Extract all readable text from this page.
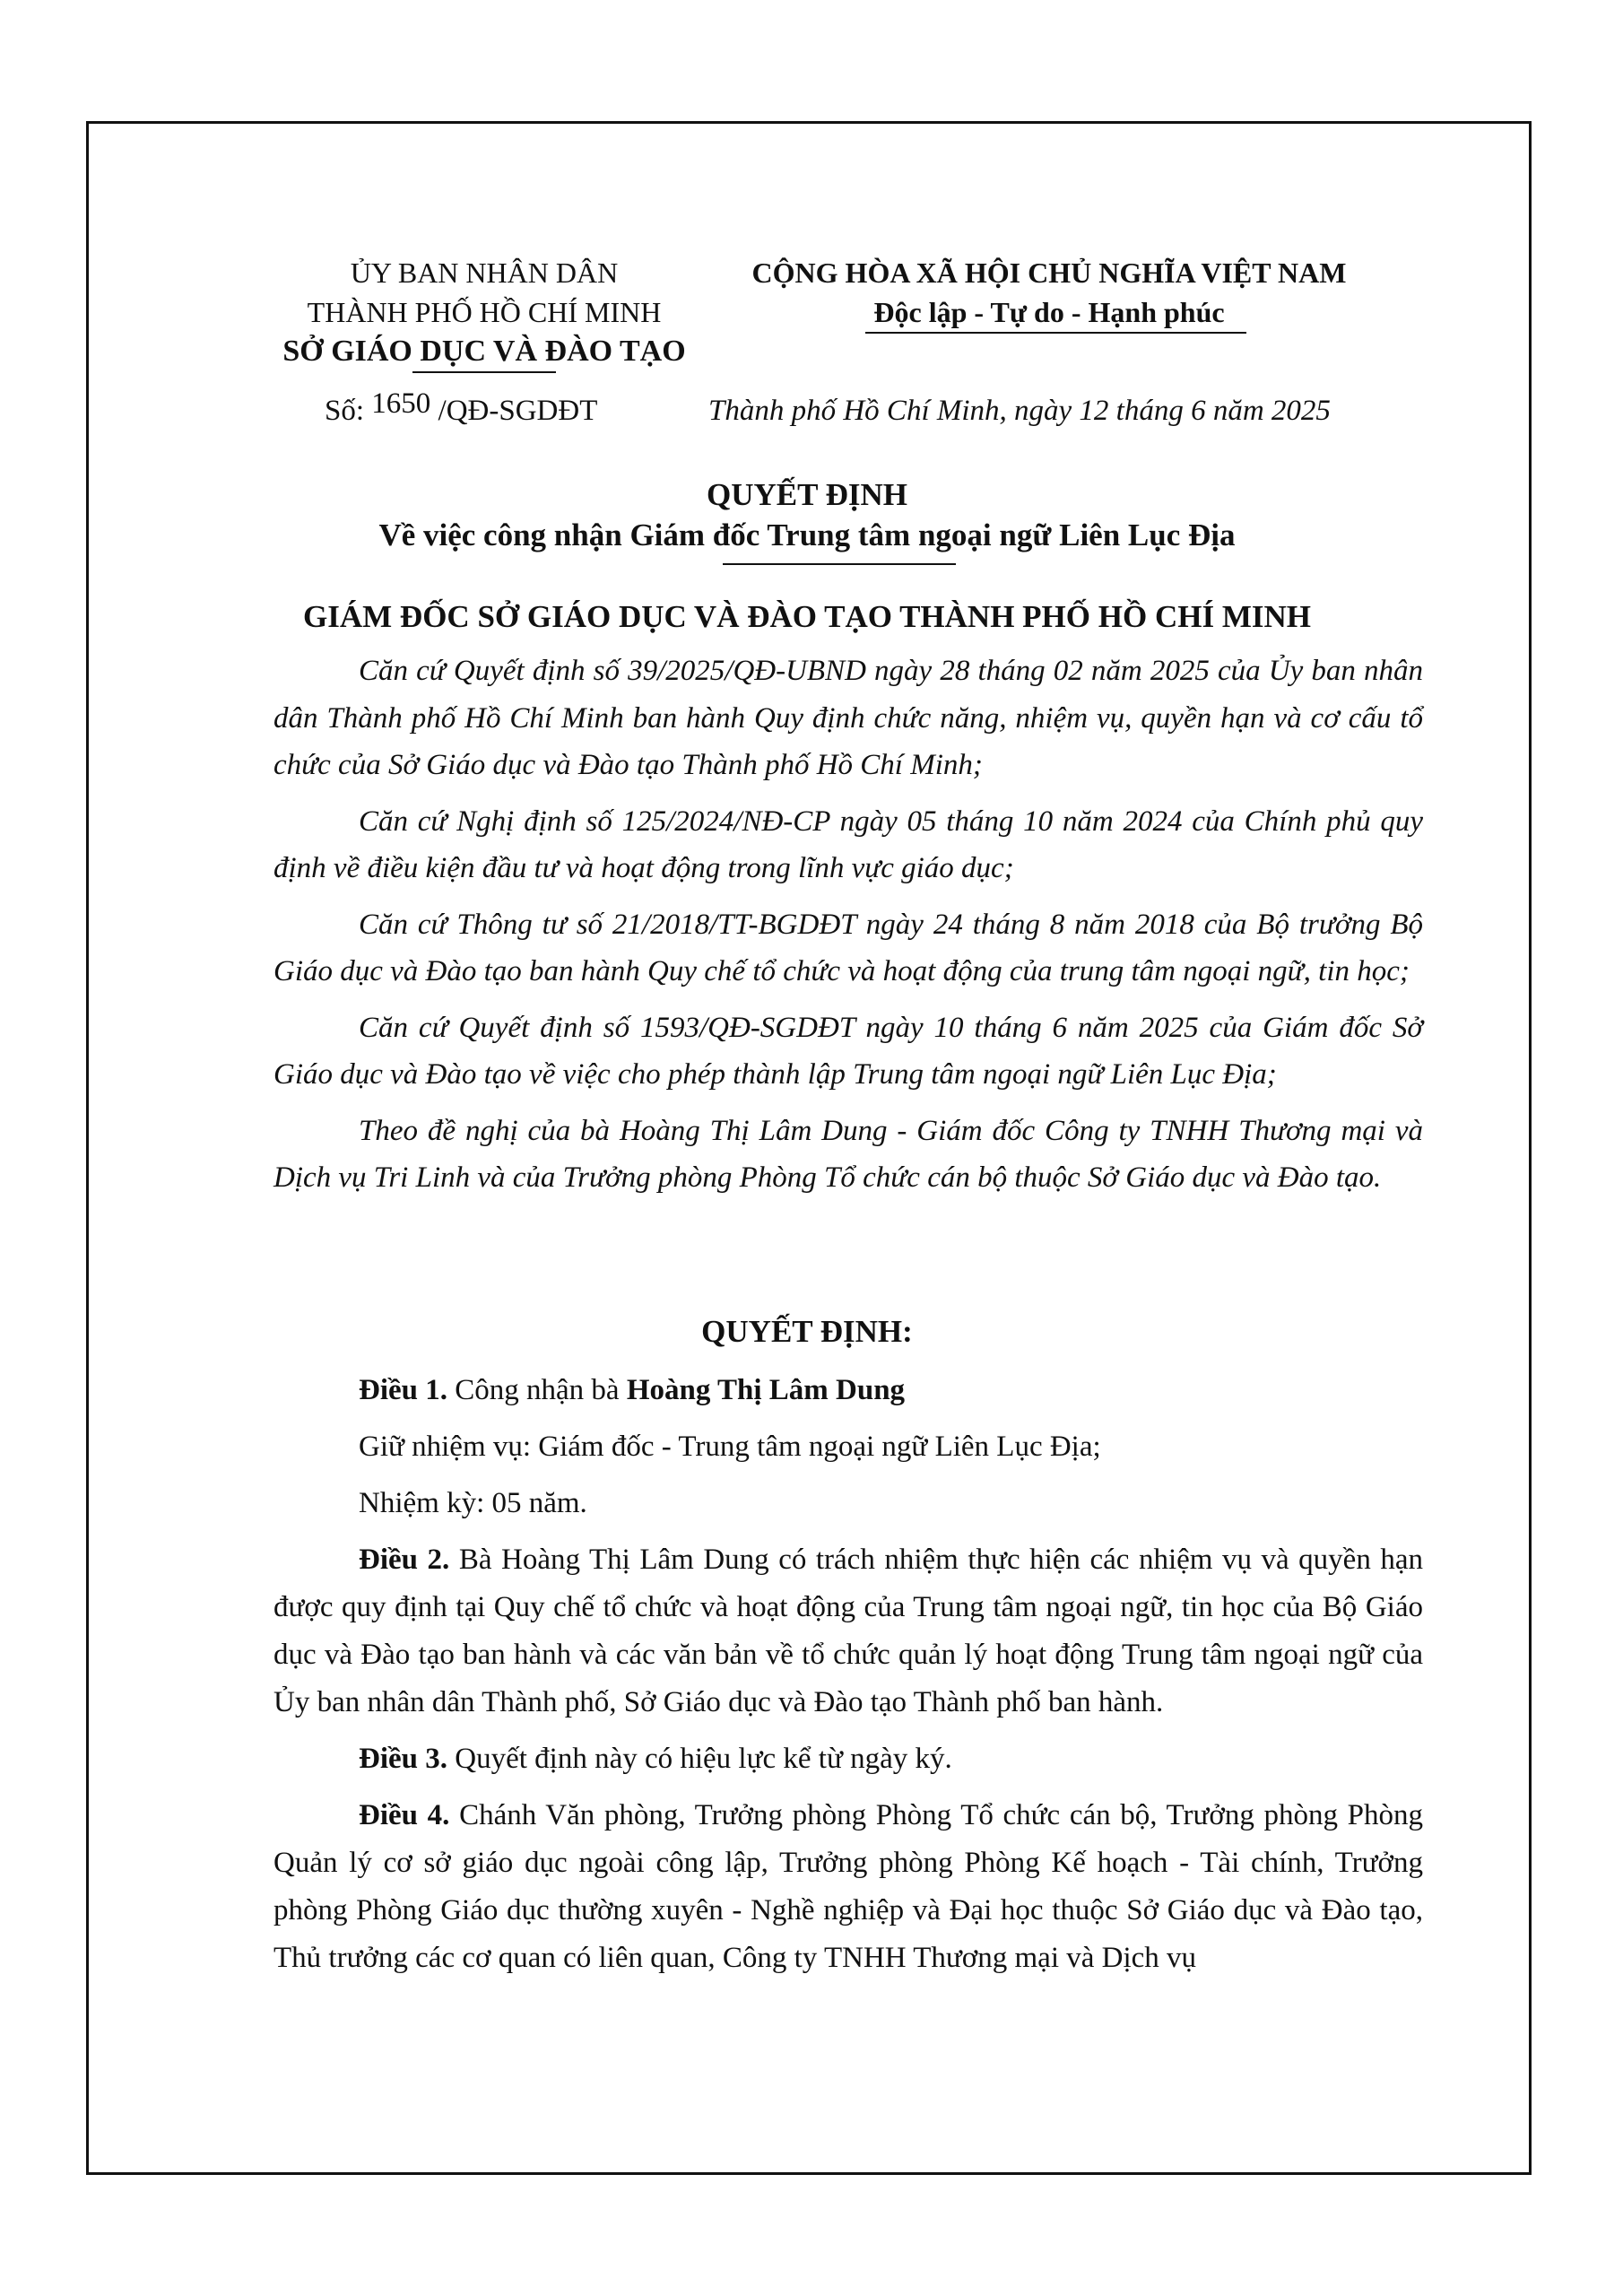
ỦY BAN NHÂN DÂN
THÀNH PHỐ HỒ CHÍ MINH
SỞ GIÁO DỤC VÀ ĐÀO TẠO
CỘNG HÒA XÃ HỘI CHỦ NGHĨA VIỆT NAM
Độc lập - Tự do - Hạnh phúc
Số: 1650 /QĐ-SGDĐT	Thành phố Hồ Chí Minh, ngày 12 tháng 6 năm 2025
QUYẾT ĐỊNH
Về việc công nhận Giám đốc Trung tâm ngoại ngữ Liên Lục Địa
GIÁM ĐỐC SỞ GIÁO DỤC VÀ ĐÀO TẠO THÀNH PHỐ HỒ CHÍ MINH

Căn cứ Quyết định số 39/2025/QĐ-UBND ngày 28 tháng 02 năm 2025 của Ủy ban nhân dân Thành phố Hồ Chí Minh ban hành Quy định chức năng, nhiệm vụ, quyền hạn và cơ cấu tổ chức của Sở Giáo dục và Đào tạo Thành phố Hồ Chí Minh;

Căn cứ Nghị định số 125/2024/NĐ-CP ngày 05 tháng 10 năm 2024 của Chính phủ quy định về điều kiện đầu tư và hoạt động trong lĩnh vực giáo dục;

Căn cứ Thông tư số 21/2018/TT-BGDĐT ngày 24 tháng 8 năm 2018 của Bộ trưởng Bộ Giáo dục và Đào tạo ban hành Quy chế tổ chức và hoạt động của trung tâm ngoại ngữ, tin học;

Căn cứ Quyết định số 1593/QĐ-SGDĐT ngày 10 tháng 6 năm 2025 của Giám đốc Sở Giáo dục và Đào tạo về việc cho phép thành lập Trung tâm ngoại ngữ Liên Lục Địa;

Theo đề nghị của bà Hoàng Thị Lâm Dung - Giám đốc Công ty TNHH Thương mại và Dịch vụ Tri Linh và của Trưởng phòng Phòng Tổ chức cán bộ thuộc Sở Giáo dục và Đào tạo.

QUYẾT ĐỊNH:

Điều 1. Công nhận bà Hoàng Thị Lâm Dung

Giữ nhiệm vụ: Giám đốc - Trung tâm ngoại ngữ Liên Lục Địa;

Nhiệm kỳ: 05 năm.

Điều 2. Bà Hoàng Thị Lâm Dung có trách nhiệm thực hiện các nhiệm vụ và quyền hạn được quy định tại Quy chế tổ chức và hoạt động của Trung tâm ngoại ngữ, tin học của Bộ Giáo dục và Đào tạo ban hành và các văn bản về tổ chức quản lý hoạt động Trung tâm ngoại ngữ của Ủy ban nhân dân Thành phố, Sở Giáo dục và Đào tạo Thành phố ban hành.

Điều 3. Quyết định này có hiệu lực kể từ ngày ký.

Điều 4. Chánh Văn phòng, Trưởng phòng Phòng Tổ chức cán bộ, Trưởng phòng Phòng Quản lý cơ sở giáo dục ngoài công lập, Trưởng phòng Phòng Kế hoạch - Tài chính, Trưởng phòng Phòng Giáo dục thường xuyên - Nghề nghiệp và Đại học thuộc Sở Giáo dục và Đào tạo, Thủ trưởng các cơ quan có liên quan, Công ty TNHH Thương mại và Dịch vụ
